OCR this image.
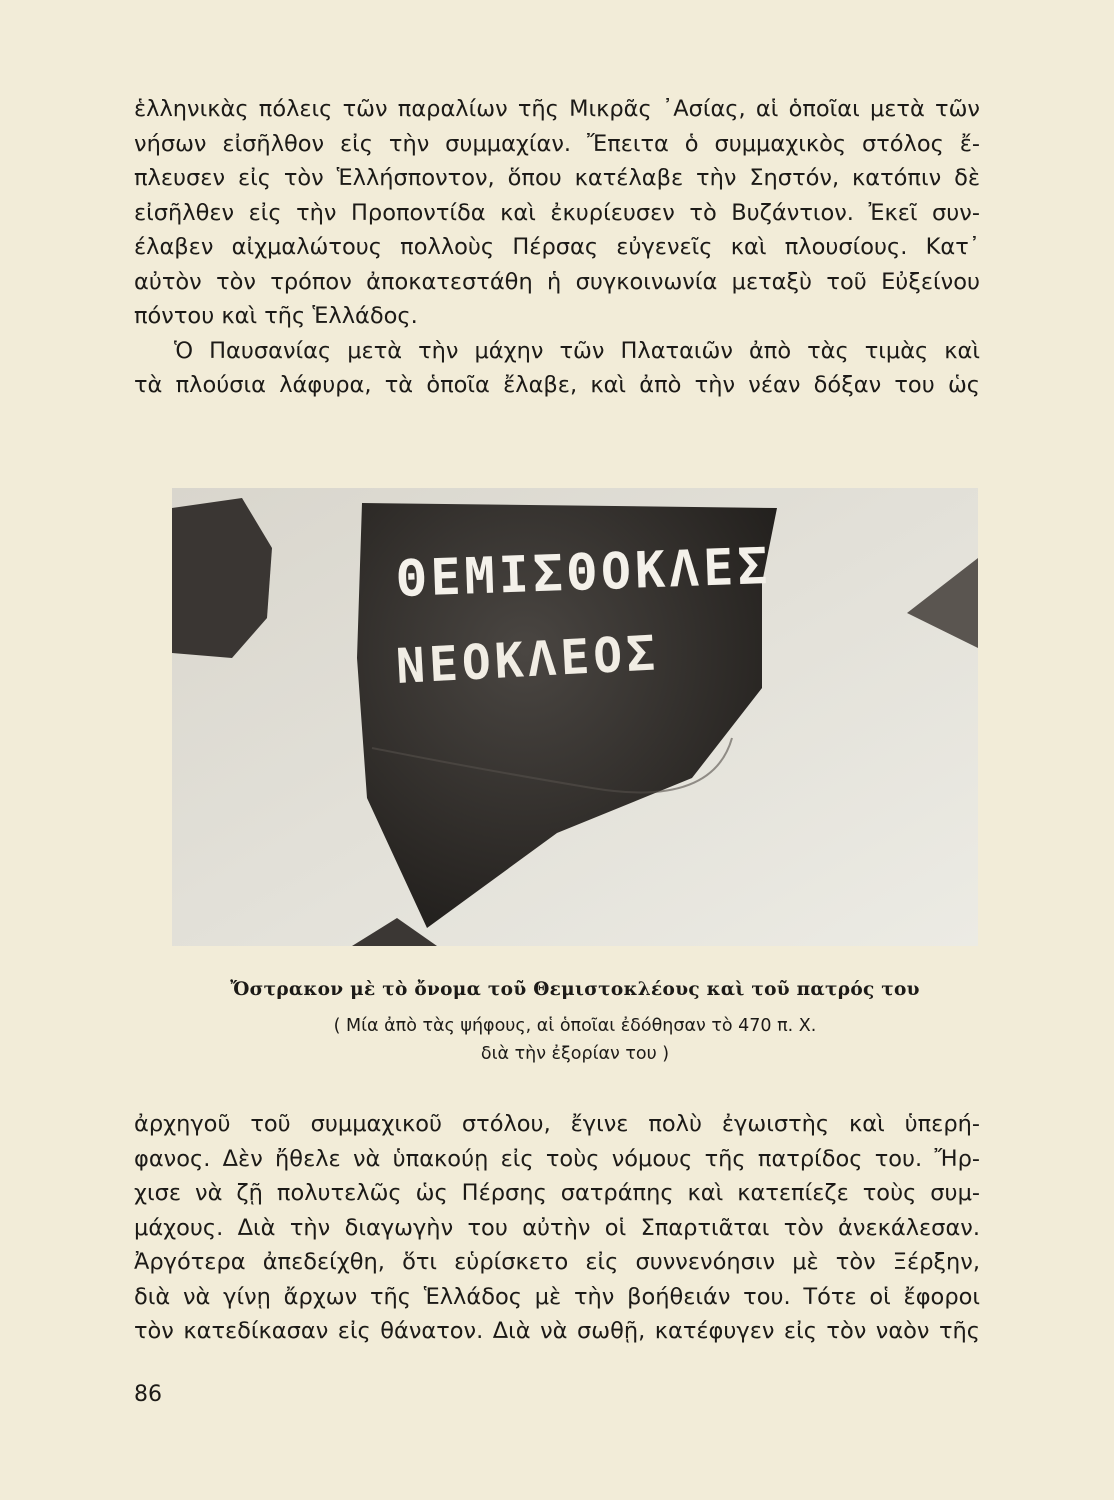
ἑλληνικὰς πόλεις τῶν παραλίων τῆς Μικρᾶς ᾿Ασίας, αἱ ὁποῖαι μετὰ τῶν
νήσων εἰσῆλθον εἰς τὴν συμμαχίαν. Ἔπειτα ὁ συμμαχικὸς στόλος ἔ-
πλευσεν εἰς τὸν Ἑλλήσποντον, ὅπου κατέλαβε τὴν Σηστόν, κατόπιν δὲ
εἰσῆλθεν εἰς τὴν Προποντίδα καὶ ἐκυρίευσεν τὸ Βυζάντιον. Ἐκεῖ συν-
έλαβεν αἰχμαλώτους πολλοὺς Πέρσας εὐγενεῖς καὶ πλουσίους. Κατ᾽
αὐτὸν τὸν τρόπον ἀποκατεστάθη ἡ συγκοινωνία μεταξὺ τοῦ Εὐξείνου
πόντου καὶ τῆς Ἑλλάδος.
Ὁ Παυσανίας μετὰ τὴν μάχην τῶν Πλαταιῶν ἀπὸ τὰς τιμὰς καὶ
τὰ πλούσια λάφυρα, τὰ ὁποῖα ἔλαβε, καὶ ἀπὸ τὴν νέαν δόξαν του ὡς
ΘΕΜΙΣΘΟΚΛΕΣ
ΝΕΟΚΛΕΟΣ
Ὄστρακον μὲ τὸ ὄνομα τοῦ Θεμιστοκλέους καὶ τοῦ πατρός του
( Μία ἀπὸ τὰς ψήφους, αἱ ὁποῖαι ἐδόθησαν τὸ 470 π. Χ.
διὰ τὴν ἐξορίαν του )
ἀρχηγοῦ τοῦ συμμαχικοῦ στόλου, ἔγινε πολὺ ἐγωιστὴς καὶ ὑπερή-
φανος. Δὲν ἤθελε νὰ ὑπακούῃ εἰς τοὺς νόμους τῆς πατρίδος του. Ἤρ-
χισε νὰ ζῇ πολυτελῶς ὡς Πέρσης σατράπης καὶ κατεπίεζε τοὺς συμ-
μάχους. Διὰ τὴν διαγωγὴν του αὐτὴν οἱ Σπαρτιᾶται τὸν ἀνεκάλεσαν.
Ἀργότερα ἀπεδείχθη, ὅτι εὑρίσκετο εἰς συννενόησιν μὲ τὸν Ξέρξην,
διὰ νὰ γίνῃ ἄρχων τῆς Ἑλλάδος μὲ τὴν βοήθειάν του. Τότε οἱ ἔφοροι
τὸν κατεδίκασαν εἰς θάνατον. Διὰ νὰ σωθῇ, κατέφυγεν εἰς τὸν ναὸν τῆς
86
